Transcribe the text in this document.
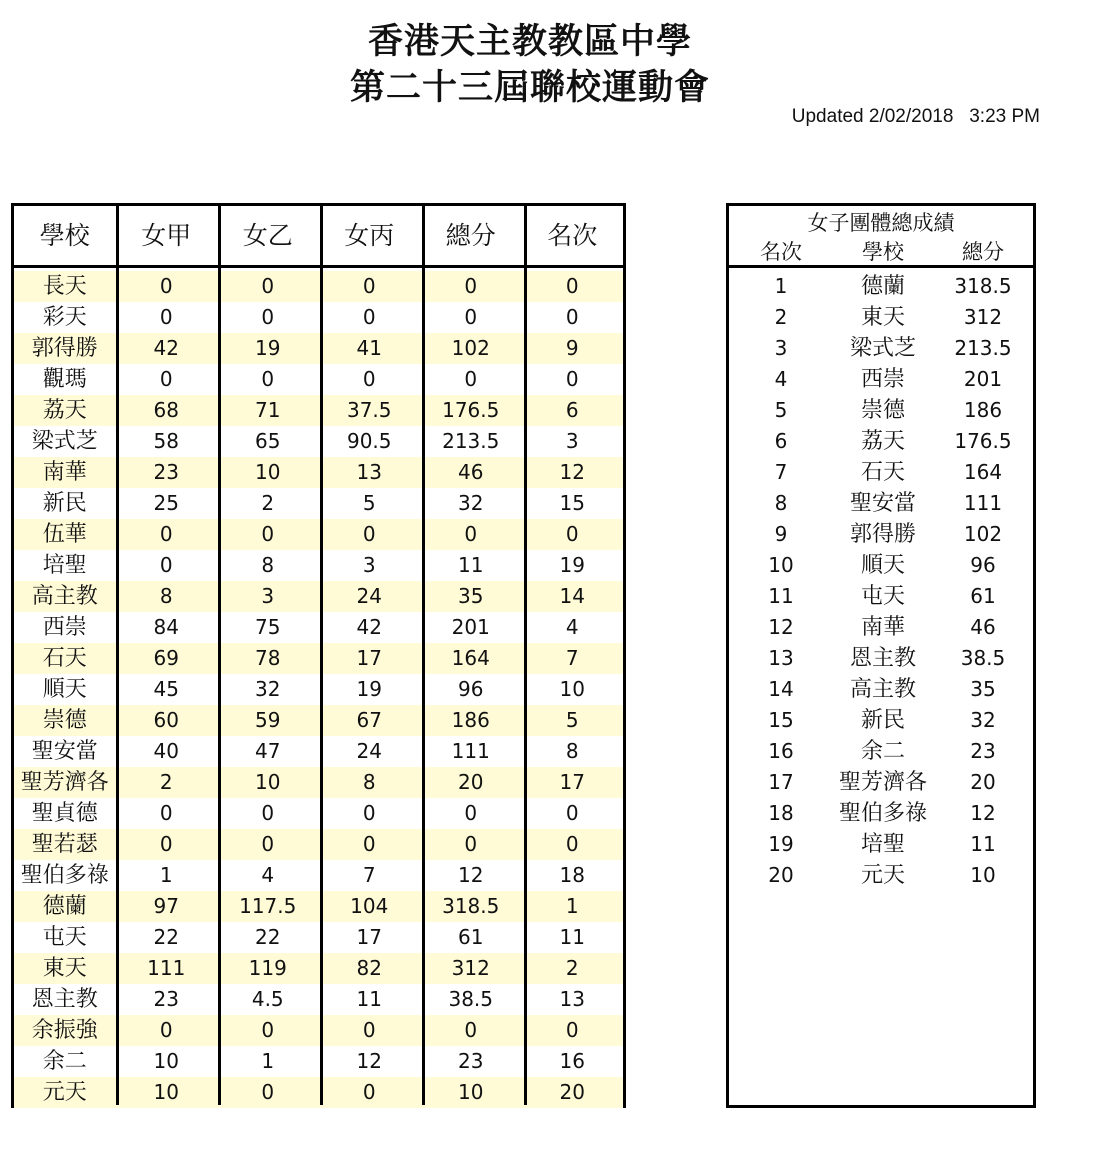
香港天主教教區中學
第二十三屆聯校運動會
Updated 2/02/2018   3:23 PM
學校	女甲	女乙	女丙	總分	名次
長天	0	0	0	0	0
彩天	0	0	0	0	0
郭得勝	42	19	41	102	9
觀瑪	0	0	0	0	0
荔天	68	71	37.5	176.5	6
梁式芝	58	65	90.5	213.5	3
南華	23	10	13	46	12
新民	25	2	5	32	15
伍華	0	0	0	0	0
培聖	0	8	3	11	19
高主教	8	3	24	35	14
西崇	84	75	42	201	4
石天	69	78	17	164	7
順天	45	32	19	96	10
崇德	60	59	67	186	5
聖安當	40	47	24	111	8
聖芳濟各	2	10	8	20	17
聖貞德	0	0	0	0	0
聖若瑟	0	0	0	0	0
聖伯多祿	1	4	7	12	18
德蘭	97	117.5	104	318.5	1
屯天	22	22	17	61	11
東天	111	119	82	312	2
恩主教	23	4.5	11	38.5	13
余振強	0	0	0	0	0
余二	10	1	12	23	16
元天	10	0	0	10	20
女子團體總成績
名次	學校	總分
1	德蘭	318.5
2	東天	312
3	梁式芝	213.5
4	西崇	201
5	崇德	186
6	荔天	176.5
7	石天	164
8	聖安當	111
9	郭得勝	102
10	順天	96
11	屯天	61
12	南華	46
13	恩主教	38.5
14	高主教	35
15	新民	32
16	余二	23
17	聖芳濟各	20
18	聖伯多祿	12
19	培聖	11
20	元天	10
